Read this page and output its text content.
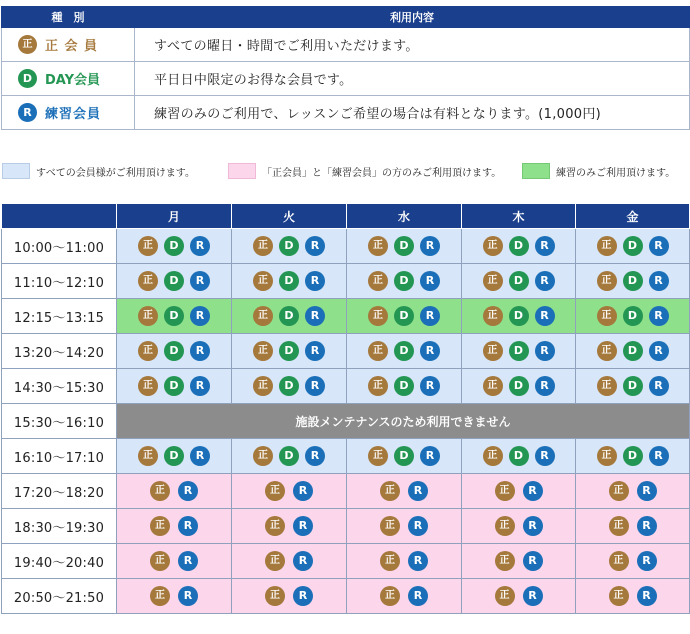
種　別	利用内容
正 正 会 員	すべての曜日・時間でご利用いただけます。
D DAY会員	平日日中限定のお得な会員です。
R 練習会員	練習のみのご利用で、レッスンご希望の場合は有料となります。(1,000円)
すべての会員様がご利用頂けます。	「正会員」と「練習会員」の方のみご利用頂けます。	練習のみご利用頂けます。
	月	火	水	木	金
10:00〜11:00	正 D R	正 D R	正 D R	正 D R	正 D R

11:10〜12:10	正 D R	正 D R	正 D R	正 D R	正 D R

12:15〜13:15	正 D R	正 D R	正 D R	正 D R	正 D R

13:20〜14:20	正 D R	正 D R	正 D R	正 D R	正 D R

14:30〜15:30	正 D R	正 D R	正 D R	正 D R	正 D R

15:30〜16:10	施設メンテナンスのため利用できません				
16:10〜17:10	正 D R	正 D R	正 D R	正 D R	正 D R

17:20〜18:20	正 R	正 R	正 R	正 R	正 R

18:30〜19:30	正 R	正 R	正 R	正 R	正 R

19:40〜20:40	正 R	正 R	正 R	正 R	正 R

20:50〜21:50	正 R	正 R	正 R	正 R	正 R
